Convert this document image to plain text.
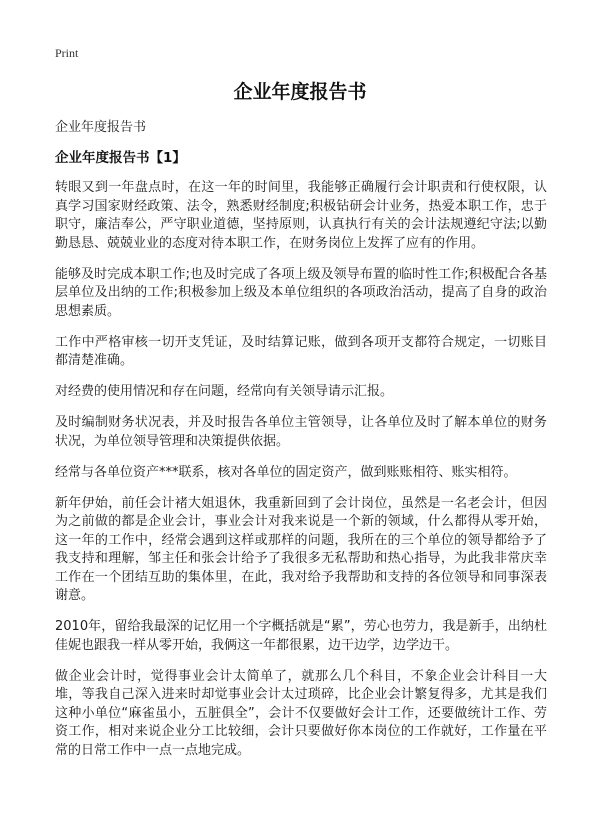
Print
企业年度报告书
企业年度报告书
企业年度报告书【1】

转眼又到一年盘点时，在这一年的时间里，我能够正确履行会计职责和行使权限，认真学习国家财经政策、法令，熟悉财经制度;积极钻研会计业务，热爱本职工作，忠于职守，廉洁奉公，严守职业道德，坚持原则，认真执行有关的会计法规遵纪守法;以勤勤恳恳、兢兢业业的态度对待本职工作，在财务岗位上发挥了应有的作用。

能够及时完成本职工作;也及时完成了各项上级及领导布置的临时性工作;积极配合各基层单位及出纳的工作;积极参加上级及本单位组织的各项政治活动，提高了自身的政治思想素质。

工作中严格审核一切开支凭证，及时结算记账，做到各项开支都符合规定，一切账目都清楚准确。

对经费的使用情况和存在问题，经常向有关领导请示汇报。

及时编制财务状况表，并及时报告各单位主管领导，让各单位及时了解本单位的财务状况，为单位领导管理和决策提供依据。

经常与各单位资产***联系，核对各单位的固定资产，做到账账相符、账实相符。

新年伊始，前任会计褚大姐退休，我重新回到了会计岗位，虽然是一名老会计，但因为之前做的都是企业会计，事业会计对我来说是一个新的领域，什么都得从零开始，这一年的工作中，经常会遇到这样或那样的问题，我所在的三个单位的领导都给予了我支持和理解，邹主任和张会计给予了我很多无私帮助和热心指导，为此我非常庆幸工作在一个团结互助的集体里，在此，我对给予我帮助和支持的各位领导和同事深表谢意。

2010年，留给我最深的记忆用一个字概括就是“累”，劳心也劳力，我是新手，出纳杜佳妮也跟我一样从零开始，我俩这一年都很累，边干边学，边学边干。

做企业会计时，觉得事业会计太简单了，就那么几个科目，不象企业会计科目一大堆，等我自己深入进来时却觉事业会计太过琐碎，比企业会计繁复得多，尤其是我们这种小单位“麻雀虽小，五脏俱全”，会计不仅要做好会计工作，还要做统计工作、劳资工作，相对来说企业分工比较细，会计只要做好你本岗位的工作就好，工作量在平常的日常工作中一点一点地完成。
